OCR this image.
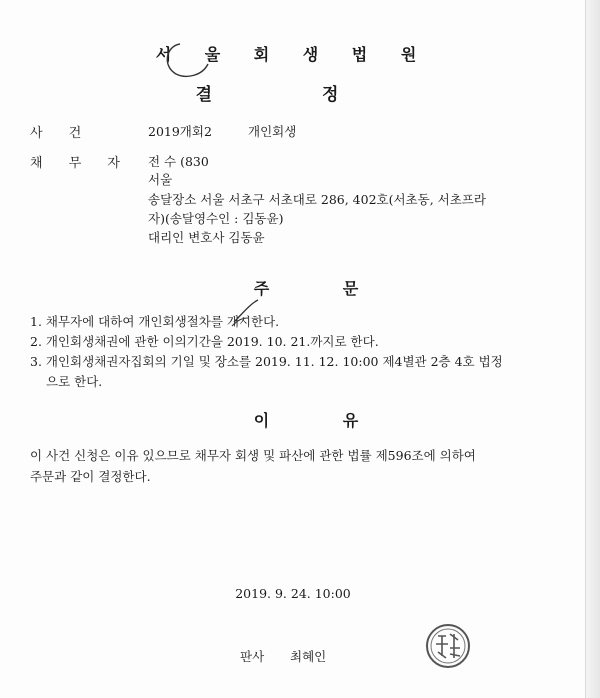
서 울 회 생 법 원
결 정
사 건	2019개회2	개인회생
채 무 자 전 수 (830
서울
송달장소 서울 서초구 서초대로 286, 402호(서초동, 서초프라
자)(송달영수인 : 김동윤)
대리인 변호사 김동윤
주 문
1. 채무자에 대하여 개인회생절차를 개시한다.
2. 개인회생채권에 관한 이의기간을 2019. 10. 21.까지로 한다.
3. 개인회생채권자집회의 기일 및 장소를 2019. 11. 12. 10:00 제4별관 2층 4호 법정
으로 한다.
이 유
이 사건 신청은 이유 있으므로 채무자 회생 및 파산에 관한 법률 제596조에 의하여
주문과 같이 결정한다.
2019. 9. 24. 10:00
판사 최혜인
